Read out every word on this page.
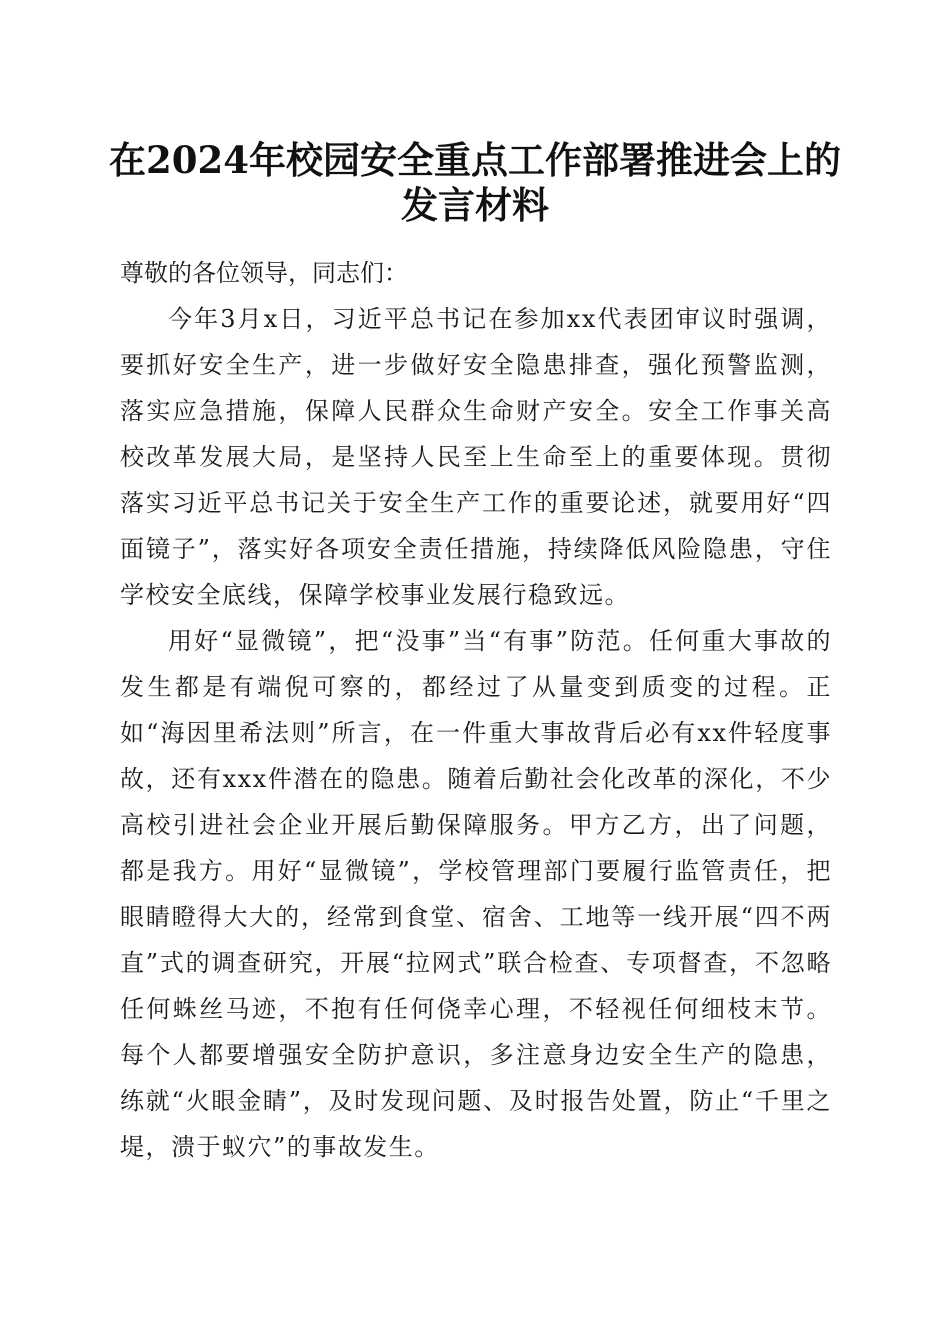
在2024年校园安全重点工作部署推进会上的
发言材料

尊敬的各位领导，同志们：

今年3月x日，习近平总书记在参加xx代表团审议时强调，要抓好安全生产，进一步做好安全隐患排查，强化预警监测，落实应急措施，保障人民群众生命财产安全。安全工作事关高校改革发展大局，是坚持人民至上生命至上的重要体现。贯彻落实习近平总书记关于安全生产工作的重要论述，就要用好“四面镜子”，落实好各项安全责任措施，持续降低风险隐患，守住学校安全底线，保障学校事业发展行稳致远。

用好“显微镜”，把“没事”当“有事”防范。任何重大事故的发生都是有端倪可察的，都经过了从量变到质变的过程。正如“海因里希法则”所言，在一件重大事故背后必有xx件轻度事故，还有xxx件潜在的隐患。随着后勤社会化改革的深化，不少高校引进社会企业开展后勤保障服务。甲方乙方，出了问题，都是我方。用好“显微镜”，学校管理部门要履行监管责任，把眼睛瞪得大大的，经常到食堂、宿舍、工地等一线开展“四不两直”式的调查研究，开展“拉网式”联合检查、专项督查，不忽略任何蛛丝马迹，不抱有任何侥幸心理，不轻视任何细枝末节。每个人都要增强安全防护意识，多注意身边安全生产的隐患，练就“火眼金睛”，及时发现问题、及时报告处置，防止“千里之堤，溃于蚁穴”的事故发生。
